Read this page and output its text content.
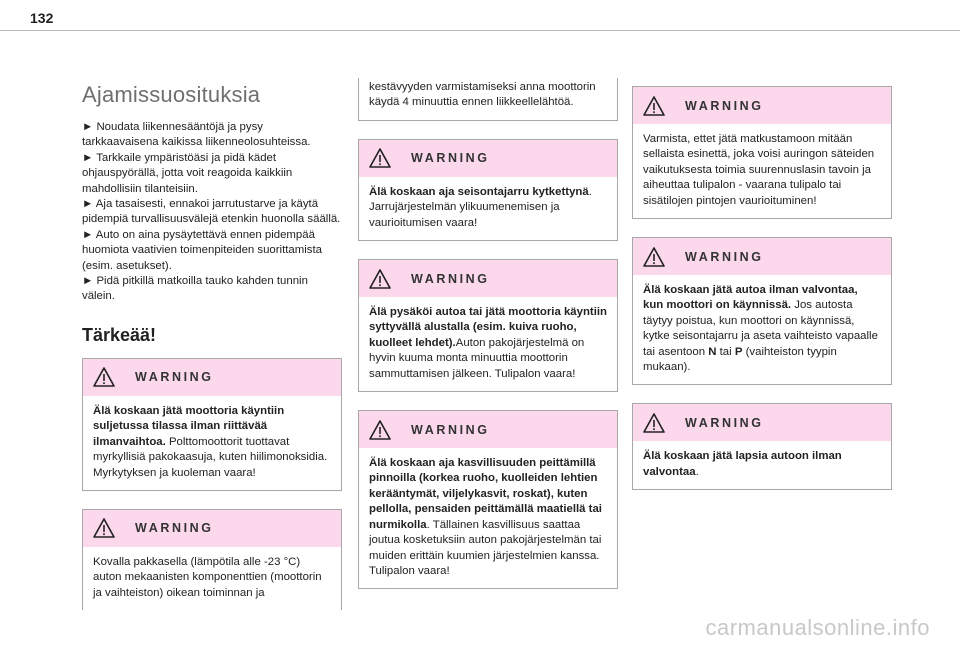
132
Ajamissuosituksia
► Noudata liikennesääntöjä ja pysy tarkkaavaisena kaikissa liikenneolosuhteissa.
► Tarkkaile ympäristöäsi ja pidä kädet ohjauspyörällä, jotta voit reagoida kaikkiin mahdollisiin tilanteisiin.
► Aja tasaisesti, ennakoi jarrutustarve ja käytä pidempiä turvallisuusvälejä etenkin huonolla säällä.
► Auto on aina pysäytettävä ennen pidempää huomiota vaativien toimenpiteiden suorittamista (esim. asetukset).
► Pidä pitkillä matkoilla tauko kahden tunnin välein.
Tärkeää!
WARNING
Älä koskaan jätä moottoria käyntiin suljetussa tilassa ilman riittävää ilmanvaihtoa. Polttomoottorit tuottavat myrkyllisiä pakokaasuja, kuten hiilimonoksidia. Myrkytyksen ja kuoleman vaara!
WARNING
Kovalla pakkasella (lämpötila alle -23 °C) auton mekaanisten komponenttien (moottorin ja vaihteiston) oikean toiminnan ja
kestävyyden varmistamiseksi anna moottorin käydä 4 minuuttia ennen liikkeellelähtöä.
WARNING
Älä koskaan aja seisontajarru kytkettynä. Jarrujärjestelmän ylikuumenemisen ja vaurioitumisen vaara!
WARNING
Älä pysäköi autoa tai jätä moottoria käyntiin syttyvällä alustalla (esim. kuiva ruoho, kuolleet lehdet).Auton pakojärjestelmä on hyvin kuuma monta minuuttia moottorin sammuttamisen jälkeen. Tulipalon vaara!
WARNING
Älä koskaan aja kasvillisuuden peittämillä pinnoilla (korkea ruoho, kuolleiden lehtien kerääntymät, viljelykasvit, roskat), kuten pellolla, pensaiden peittämällä maatiellä tai nurmikolla. Tällainen kasvillisuus saattaa joutua kosketuksiin auton pakojärjestelmän tai muiden erittäin kuumien järjestelmien kanssa. Tulipalon vaara!
WARNING
Varmista, ettet jätä matkustamoon mitään sellaista esinettä, joka voisi auringon säteiden vaikutuksesta toimia suurennuslasin tavoin ja aiheuttaa tulipalon - vaarana tulipalo tai sisätilojen pintojen vaurioituminen!
WARNING
Älä koskaan jätä autoa ilman valvontaa, kun moottori on käynnissä. Jos autosta täytyy poistua, kun moottori on käynnissä, kytke seisontajarru ja aseta vaihteisto vapaalle tai asentoon N tai P (vaihteiston tyypin mukaan).
WARNING
Älä koskaan jätä lapsia autoon ilman valvontaa.
carmanualsonline.info
